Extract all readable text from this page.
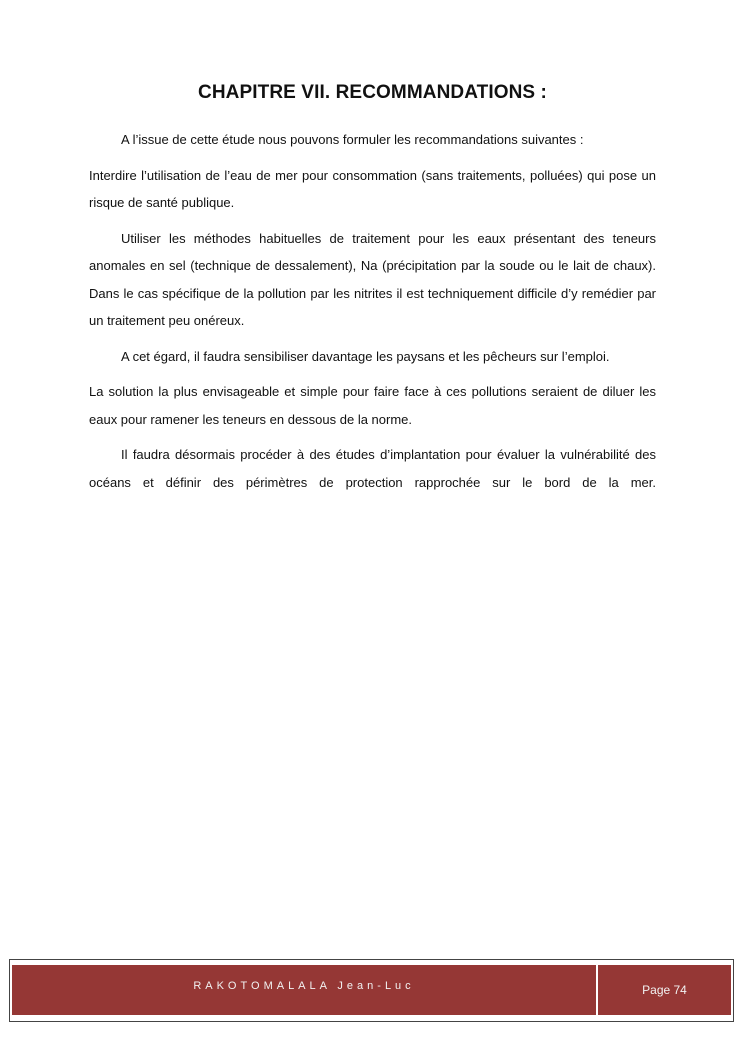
CHAPITRE VII. RECOMMANDATIONS :

A l’issue de cette étude nous pouvons formuler les recommandations suivantes :

Interdire l’utilisation de l’eau de mer pour consommation (sans traitements, polluées) qui pose un risque de santé publique.

Utiliser les méthodes habituelles de traitement pour les eaux présentant des teneurs anomales en sel (technique de dessalement), Na (précipitation par la soude ou le lait de chaux). Dans le cas spécifique de la pollution par les nitrites il est techniquement difficile d’y remédier par un traitement peu onéreux.

A cet égard, il faudra sensibiliser davantage les paysans et les pêcheurs sur l’emploi.

La solution la plus envisageable et simple pour faire face à ces pollutions seraient de diluer les eaux pour ramener les teneurs en dessous de la norme.

Il faudra désormais procéder à des études d’implantation pour évaluer la vulnérabilité des océans et définir des périmètres de protection rapprochée sur le bord de la mer.

RAKOTOMALALA Jean-Luc	Page 74
